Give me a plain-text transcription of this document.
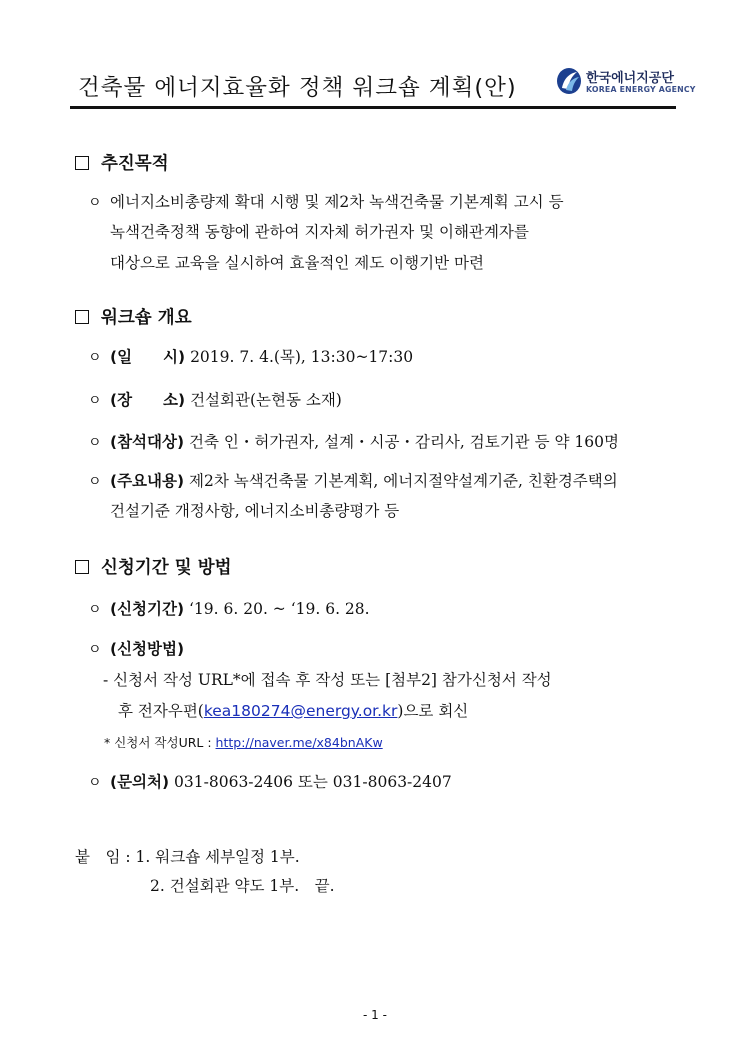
건축물 에너지효율화 정책 워크숍 계획(안)	한국에너지공단
KOREA ENERGY AGENCY
추진목적
ㅇ 에너지소비총량제 확대 시행 및 제2차 녹색건축물 기본계획 고시 등
녹색건축정책 동향에 관하여 지자체 허가권자 및 이해관계자를
대상으로 교육을 실시하여 효율적인 제도 이행기반 마련
워크숍 개요
ㅇ (일　　시) 2019. 7. 4.(목), 13:30~17:30
ㅇ (장　　소) 건설회관(논현동 소재)
ㅇ (참석대상) 건축 인・허가권자, 설계・시공・감리사, 검토기관 등 약 160명
ㅇ (주요내용) 제2차 녹색건축물 기본계획, 에너지절약설계기준, 친환경주택의
건설기준 개정사항, 에너지소비총량평가 등
신청기간 및 방법
ㅇ (신청기간) ‘19. 6. 20. ~ ‘19. 6. 28.
ㅇ (신청방법)
- 신청서 작성 URL*에 접속 후 작성 또는 [첨부2] 참가신청서 작성
후 전자우편(kea180274@energy.or.kr)으로 회신
* 신청서 작성URL : http://naver.me/x84bnAKw
ㅇ (문의처) 031-8063-2406 또는 031-8063-2407
붙　임 : 1. 워크숍 세부일정 1부.
2. 건설회관 약도 1부.　끝.
- 1 -
